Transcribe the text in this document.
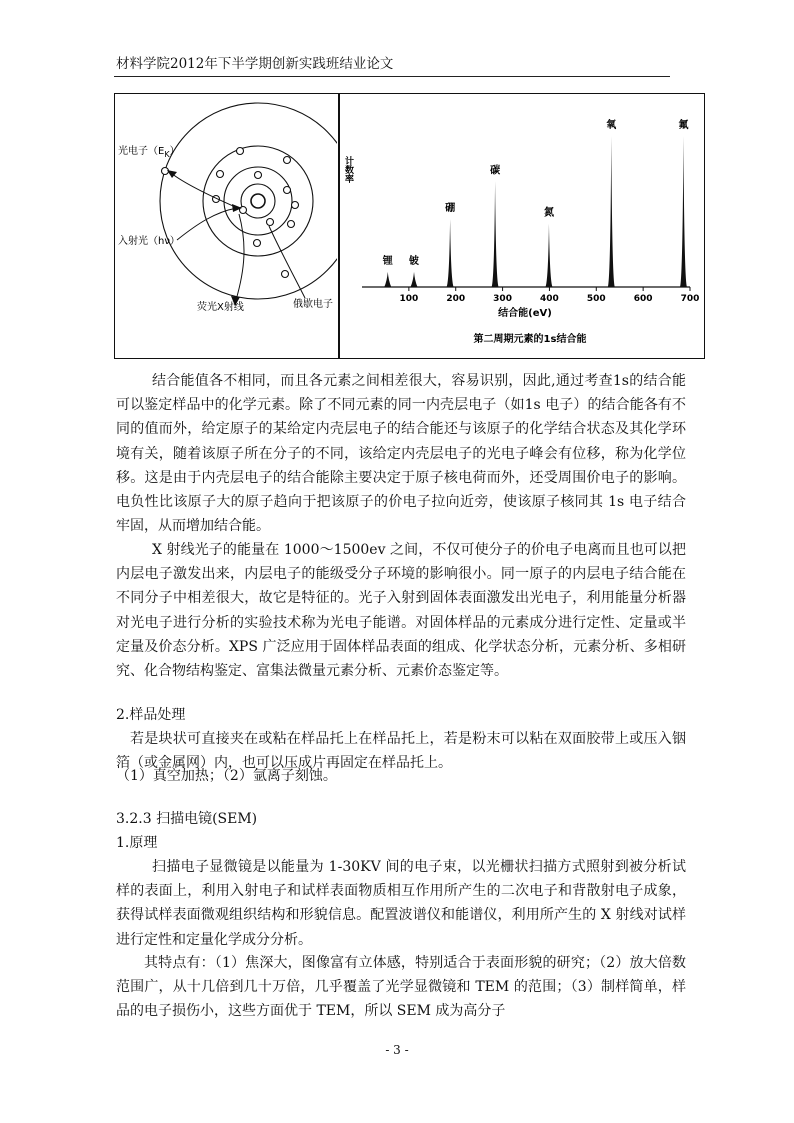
材料学院2012年下半学期创新实践班结业论文
光电子$(E_K)$
入射光（hν）
荧光X射线	俄歇电子	100	200	300	400	500	600	700
锂 铍
硼
碳
氮
氧	氟
计数率
结合能(eV)
第二周期元素的1s结合能

结合能值各不相同，而且各元素之间相差很大，容易识别，因此,通过考查1s的结合能可以鉴定样品中的化学元素。除了不同元素的同一内壳层电子（如1s 电子）的结合能各有不同的值而外，给定原子的某给定内壳层电子的结合能还与该原子的化学结合状态及其化学环境有关，随着该原子所在分子的不同，该给定内壳层电子的光电子峰会有位移，称为化学位移。这是由于内壳层电子的结合能除主要决定于原子核电荷而外，还受周围价电子的影响。电负性比该原子大的原子趋向于把该原子的价电子拉向近旁，使该原子核同其 1s 电子结合牢固，从而增加结合能。

X 射线光子的能量在 1000～1500ev 之间，不仅可使分子的价电子电离而且也可以把内层电子激发出来，内层电子的能级受分子环境的影响很小。同一原子的内层电子结合能在不同分子中相差很大，故它是特征的。光子入射到固体表面激发出光电子，利用能量分析器对光电子进行分析的实验技术称为光电子能谱。对固体样品的元素成分进行定性、定量或半定量及价态分析。XPS 广泛应用于固体样品表面的组成、化学状态分析，元素分析、多相研究、化合物结构鉴定、富集法微量元素分析、元素价态鉴定等。

2.样品处理

若是块状可直接夹在或粘在样品托上在样品托上，若是粉末可以粘在双面胶带上或压入铟箔（或金属网）内，也可以压成片再固定在样品托上。

（1）真空加热；（2）氩离子刻蚀。

3.2.3 扫描电镜(SEM)

1.原理

扫描电子显微镜是以能量为 1-30KV 间的电子束，以光栅状扫描方式照射到被分析试样的表面上，利用入射电子和试样表面物质相互作用所产生的二次电子和背散射电子成象，获得试样表面微观组织结构和形貌信息。配置波谱仪和能谱仪，利用所产生的 X 射线对试样进行定性和定量化学成分分析。

其特点有：（1）焦深大，图像富有立体感，特别适合于表面形貌的研究；（2）放大倍数范围广，从十几倍到几十万倍，几乎覆盖了光学显微镜和 TEM 的范围；（3）制样简单，样品的电子损伤小，这些方面优于 TEM，所以 SEM 成为高分子

- 3 -
